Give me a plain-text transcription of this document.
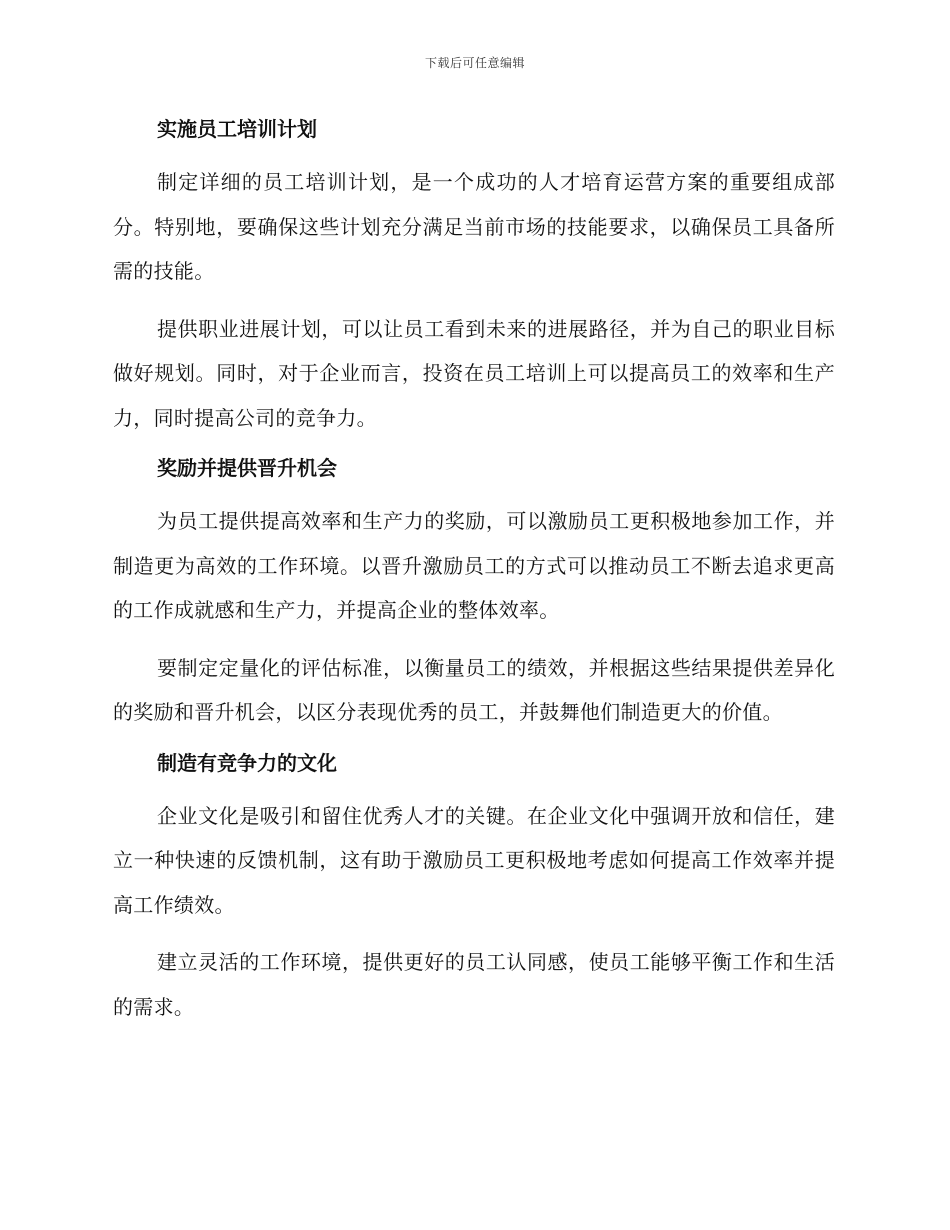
下载后可任意编辑
实施员工培训计划

制定详细的员工培训计划，是一个成功的人才培育运营方案的重要组成部分。特别地，要确保这些计划充分满足当前市场的技能要求，以确保员工具备所需的技能。

提供职业进展计划，可以让员工看到未来的进展路径，并为自己的职业目标做好规划。同时，对于企业而言，投资在员工培训上可以提高员工的效率和生产力，同时提高公司的竞争力。

奖励并提供晋升机会

为员工提供提高效率和生产力的奖励，可以激励员工更积极地参加工作，并制造更为高效的工作环境。以晋升激励员工的方式可以推动员工不断去追求更高的工作成就感和生产力，并提高企业的整体效率。

要制定定量化的评估标准，以衡量员工的绩效，并根据这些结果提供差异化的奖励和晋升机会，以区分表现优秀的员工，并鼓舞他们制造更大的价值。

制造有竞争力的文化

企业文化是吸引和留住优秀人才的关键。在企业文化中强调开放和信任，建立一种快速的反馈机制，这有助于激励员工更积极地考虑如何提高工作效率并提高工作绩效。

建立灵活的工作环境，提供更好的员工认同感，使员工能够平衡工作和生活的需求。
